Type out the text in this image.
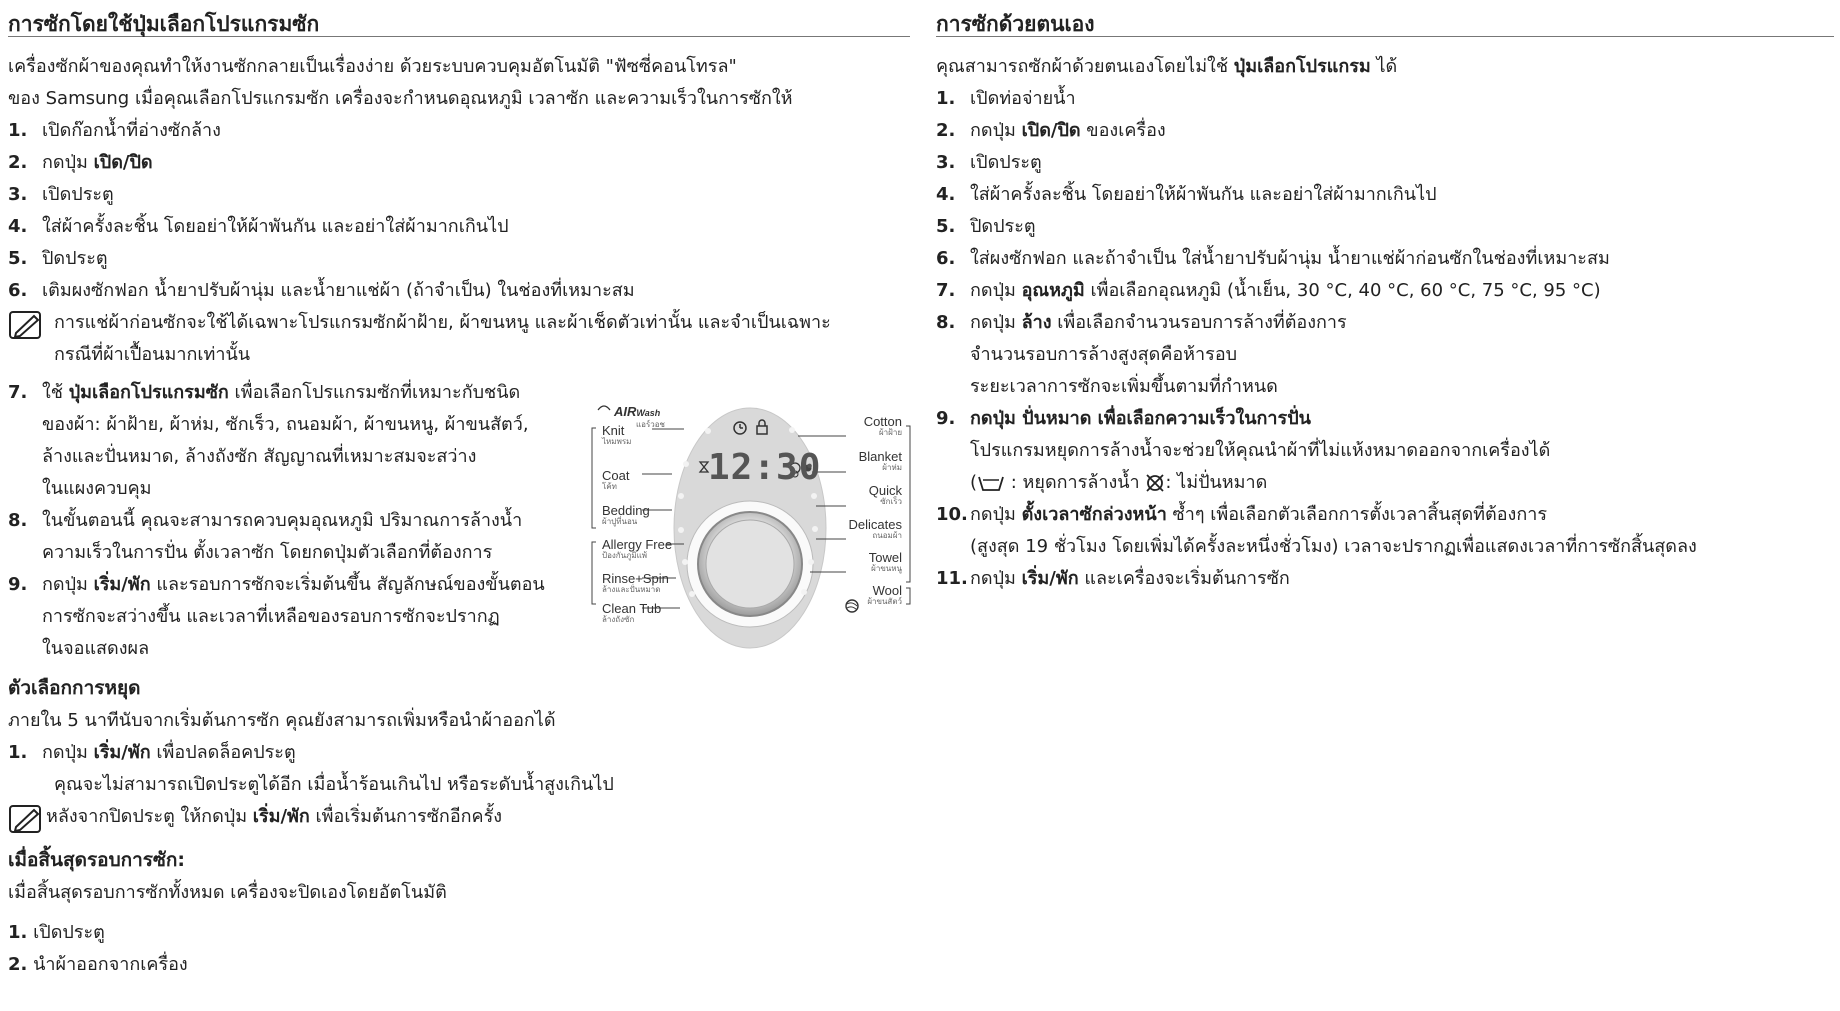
การซักโดยใช้ปุ่มเลือกโปรแกรมซัก
เครื่องซักผ้าของคุณทำให้งานซักกลายเป็นเรื่องง่าย ด้วยระบบควบคุมอัตโนมัติ "ฟัซซี่คอนโทรล"
ของ Samsung เมื่อคุณเลือกโปรแกรมซัก เครื่องจะกำหนดอุณหภูมิ เวลาซัก และความเร็วในการซักให้
1. เปิดก๊อกน้ำที่อ่างซักล้าง
2. กดปุ่ม เปิด/ปิด
3. เปิดประตู
4. ใส่ผ้าครั้งละชิ้น โดยอย่าให้ผ้าพันกัน และอย่าใส่ผ้ามากเกินไป
5. ปิดประตู
6. เติมผงซักฟอก น้ำยาปรับผ้านุ่ม และน้ำยาแช่ผ้า (ถ้าจำเป็น) ในช่องที่เหมาะสม
การแช่ผ้าก่อนซักจะใช้ได้เฉพาะโปรแกรมซักผ้าฝ้าย, ผ้าขนหนู และผ้าเช็ดตัวเท่านั้น และจำเป็นเฉพาะ
กรณีที่ผ้าเปื้อนมากเท่านั้น
7. ใช้ ปุ่มเลือกโปรแกรมซัก เพื่อเลือกโปรแกรมซักที่เหมาะกับชนิด
ของผ้า: ผ้าฝ้าย, ผ้าห่ม, ซักเร็ว, ถนอมผ้า, ผ้าขนหนู, ผ้าขนสัตว์,
ล้างและปั่นหมาด, ล้างถังซัก สัญญาณที่เหมาะสมจะสว่าง
ในแผงควบคุม
8. ในขั้นตอนนี้ คุณจะสามารถควบคุมอุณหภูมิ ปริมาณการล้างน้ำ
ความเร็วในการปั่น ตั้งเวลาซัก โดยกดปุ่มตัวเลือกที่ต้องการ
9. กดปุ่ม เริ่ม/พัก และรอบการซักจะเริ่มต้นขึ้น สัญลักษณ์ของขั้นตอน
การซักจะสว่างขึ้น และเวลาที่เหลือของรอบการซักจะปรากฏ
ในจอแสดงผล
ตัวเลือกการหยุด
ภายใน 5 นาทีนับจากเริ่มต้นการซัก คุณยังสามารถเพิ่มหรือนำผ้าออกได้
1. กดปุ่ม เริ่ม/พัก เพื่อปลดล็อคประตู
คุณจะไม่สามารถเปิดประตูได้อีก เมื่อน้ำร้อนเกินไป หรือระดับน้ำสูงเกินไป
หลังจากปิดประตู ให้กดปุ่ม เริ่ม/พัก เพื่อเริ่มต้นการซักอีกครั้ง
เมื่อสิ้นสุดรอบการซัก:
เมื่อสิ้นสุดรอบการซักทั้งหมด เครื่องจะปิดเองโดยอัตโนมัติ
1. เปิดประตู
2. นำผ้าออกจากเครื่อง
AIRWash
แอร์วอช
12:30
Knit
ไหมพรม
Coat
โค้ท
Bedding
ผ้าปูที่นอน
Allergy Free
ป้องกันภูมิแพ้
Rinse+Spin
ล้างและปั่นหมาด
Clean Tub
ล้างถังซัก
Cotton
ผ้าฝ้าย
Blanket
ผ้าห่ม
Quick
ซักเร็ว
Delicates
ถนอมผ้า
Towel
ผ้าขนหนู
Wool
ผ้าขนสัตว์
การซักด้วยตนเอง
คุณสามารถซักผ้าด้วยตนเองโดยไม่ใช้ ปุ่มเลือกโปรแกรม ได้
1. เปิดท่อจ่ายน้ำ
2. กดปุ่ม เปิด/ปิด ของเครื่อง
3. เปิดประตู
4. ใส่ผ้าครั้งละชิ้น โดยอย่าให้ผ้าพันกัน และอย่าใส่ผ้ามากเกินไป
5. ปิดประตู
6. ใส่ผงซักฟอก และถ้าจำเป็น ใส่น้ำยาปรับผ้านุ่ม น้ำยาแช่ผ้าก่อนซักในช่องที่เหมาะสม
7. กดปุ่ม อุณหภูมิ เพื่อเลือกอุณหภูมิ (น้ำเย็น, 30 °C, 40 °C, 60 °C, 75 °C, 95 °C)
8. กดปุ่ม ล้าง เพื่อเลือกจำนวนรอบการล้างที่ต้องการ
จำนวนรอบการล้างสูงสุดคือห้ารอบ
ระยะเวลาการซักจะเพิ่มขึ้นตามที่กำหนด
9. กดปุ่ม ปั่นหมาด เพื่อเลือกความเร็วในการปั่น
โปรแกรมหยุดการล้างน้ำจะช่วยให้คุณนำผ้าที่ไม่แห้งหมาดออกจากเครื่องได้
( : หยุดการล้างน้ำ : ไม่ปั่นหมาด
10. กดปุ่ม ตั้งเวลาซักล่วงหน้า ซ้ำๆ เพื่อเลือกตัวเลือกการตั้งเวลาสิ้นสุดที่ต้องการ
(สูงสุด 19 ชั่วโมง โดยเพิ่มได้ครั้งละหนึ่งชั่วโมง) เวลาจะปรากฏเพื่อแสดงเวลาที่การซักสิ้นสุดลง
11. กดปุ่ม เริ่ม/พัก และเครื่องจะเริ่มต้นการซัก
